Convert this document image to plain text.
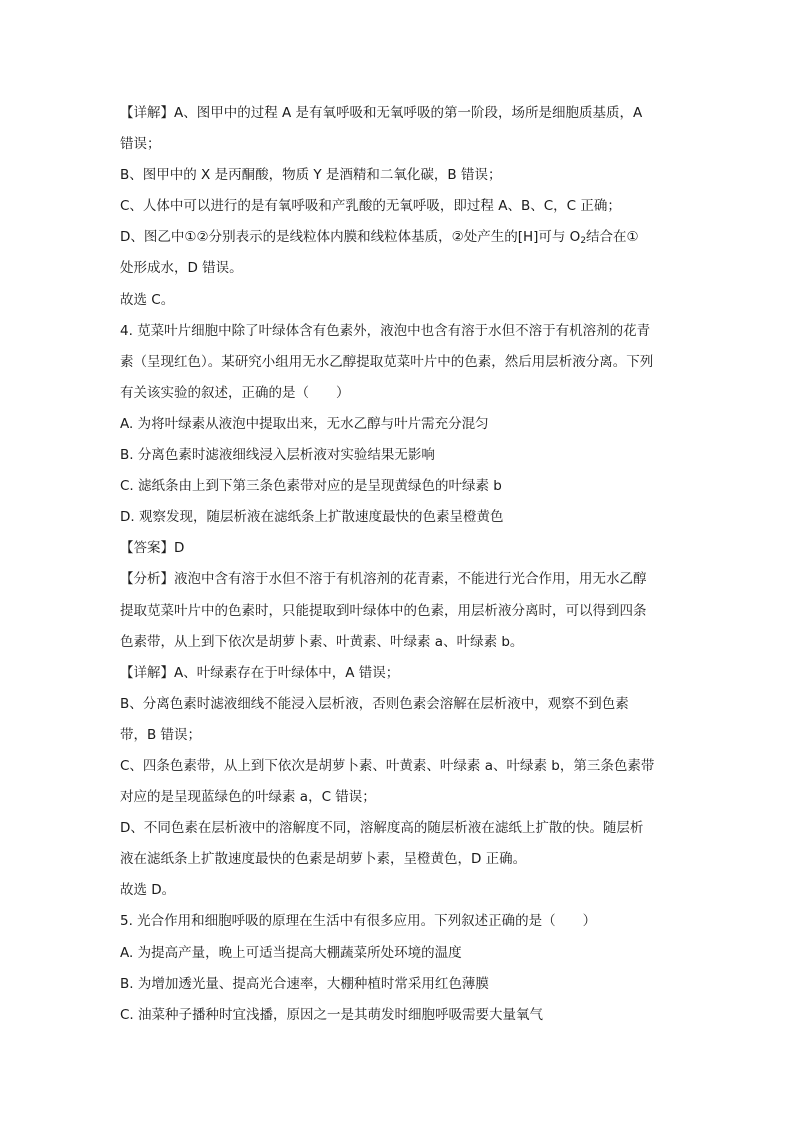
【详解】A、图甲中的过程 A 是有氧呼吸和无氧呼吸的第一阶段，场所是细胞质基质，A
错误；
B、图甲中的 X 是丙酮酸，物质 Y 是酒精和二氧化碳，B 错误；
C、人体中可以进行的是有氧呼吸和产乳酸的无氧呼吸，即过程 A、B、C，C 正确；
D、图乙中①②分别表示的是线粒体内膜和线粒体基质，②处产生的[H]可与 $O_2$结合在①
处形成水，D 错误。
故选 C。
4. 苋菜叶片细胞中除了叶绿体含有色素外，液泡中也含有溶于水但不溶于有机溶剂的花青
素（呈现红色）。某研究小组用无水乙醇提取苋菜叶片中的色素，然后用层析液分离。下列
有关该实验的叙述，正确的是（　　）
A. 为将叶绿素从液泡中提取出来，无水乙醇与叶片需充分混匀
B. 分离色素时滤液细线浸入层析液对实验结果无影响
C. 滤纸条由上到下第三条色素带对应的是呈现黄绿色的叶绿素 b
D. 观察发现，随层析液在滤纸条上扩散速度最快的色素呈橙黄色
【答案】D
【分析】液泡中含有溶于水但不溶于有机溶剂的花青素，不能进行光合作用，用无水乙醇
提取苋菜叶片中的色素时，只能提取到叶绿体中的色素，用层析液分离时，可以得到四条
色素带，从上到下依次是胡萝卜素、叶黄素、叶绿素 a、叶绿素 b。
【详解】A、叶绿素存在于叶绿体中，A 错误；
B、分离色素时滤液细线不能浸入层析液，否则色素会溶解在层析液中，观察不到色素
带，B 错误；
C、四条色素带，从上到下依次是胡萝卜素、叶黄素、叶绿素 a、叶绿素 b，第三条色素带
对应的是呈现蓝绿色的叶绿素 a，C 错误；
D、不同色素在层析液中的溶解度不同，溶解度高的随层析液在滤纸上扩散的快。随层析
液在滤纸条上扩散速度最快的色素是胡萝卜素，呈橙黄色，D 正确。
故选 D。
5. 光合作用和细胞呼吸的原理在生活中有很多应用。下列叙述正确的是（　　）
A. 为提高产量，晚上可适当提高大棚蔬菜所处环境的温度
B. 为增加透光量、提高光合速率，大棚种植时常采用红色薄膜
C. 油菜种子播种时宜浅播，原因之一是其萌发时细胞呼吸需要大量氧气
